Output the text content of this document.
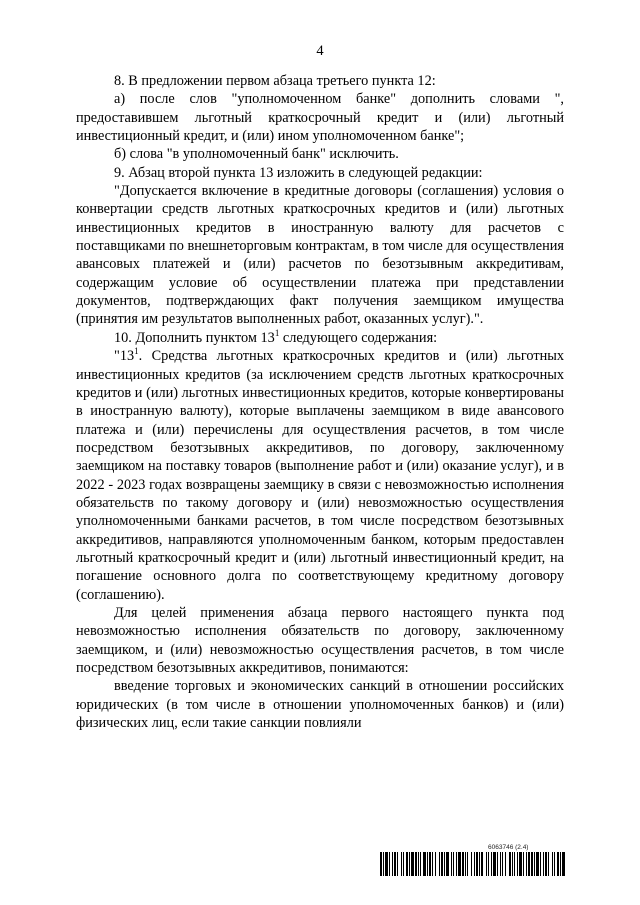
4

8. В предложении первом абзаца третьего пункта 12:

а) после слов "уполномоченном банке" дополнить словами ", предоставившем льготный краткосрочный кредит и (или) льготный инвестиционный кредит, и (или) ином уполномоченном банке";

б) слова "в уполномоченный банк" исключить.

9. Абзац второй пункта 13 изложить в следующей редакции:

"Допускается включение в кредитные договоры (соглашения) условия о конвертации средств льготных краткосрочных кредитов и (или) льготных инвестиционных кредитов в иностранную валюту для расчетов с поставщиками по внешнеторговым контрактам, в том числе для осуществления авансовых платежей и (или) расчетов по безотзывным аккредитивам, содержащим условие об осуществлении платежа при представлении документов, подтверждающих факт получения заемщиком имущества (принятия им результатов выполненных работ, оказанных услуг).".

10. Дополнить пунктом $13^1$ следующего содержания:

"$13^1$. Средства льготных краткосрочных кредитов и (или) льготных инвестиционных кредитов (за исключением средств льготных краткосрочных кредитов и (или) льготных инвестиционных кредитов, которые конвертированы в иностранную валюту), которые выплачены заемщиком в виде авансового платежа и (или) перечислены для осуществления расчетов, в том числе посредством безотзывных аккредитивов, по договору, заключенному заемщиком на поставку товаров (выполнение работ и (или) оказание услуг), и в 2022 - 2023 годах возвращены заемщику в связи с невозможностью исполнения обязательств по такому договору и (или) невозможностью осуществления уполномоченными банками расчетов, в том числе посредством безотзывных аккредитивов, направляются уполномоченным банком, которым предоставлен льготный краткосрочный кредит и (или) льготный инвестиционный кредит, на погашение основного долга по соответствующему кредитному договору (соглашению).

Для целей применения абзаца первого настоящего пункта под невозможностью исполнения обязательств по договору, заключенному заемщиком, и (или) невозможностью осуществления расчетов, в том числе посредством безотзывных аккредитивов, понимаются:

введение торговых и экономических санкций в отношении российских юридических (в том числе в отношении уполномоченных банков) и (или) физических лиц, если такие санкции повлияли

6063746 (2.4)
